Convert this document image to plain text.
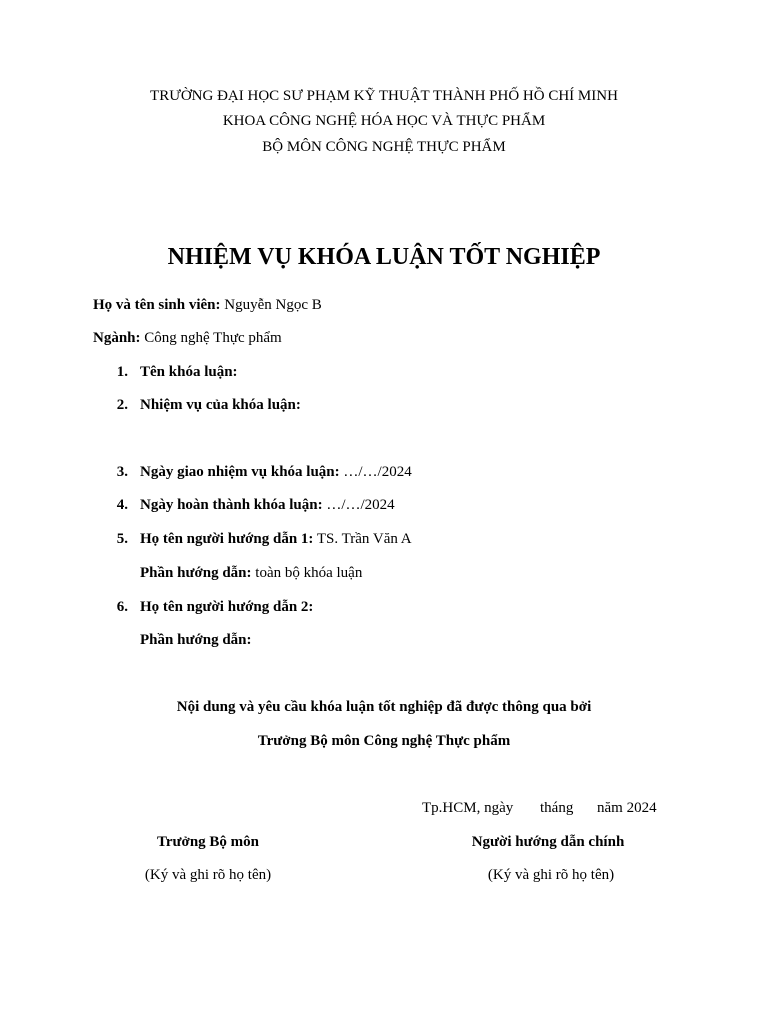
TRƯỜNG ĐẠI HỌC SƯ PHẠM KỸ THUẬT THÀNH PHỐ HỒ CHÍ MINH
KHOA CÔNG NGHỆ HÓA HỌC VÀ THỰC PHẨM
BỘ MÔN CÔNG NGHỆ THỰC PHẨM
NHIỆM VỤ KHÓA LUẬN TỐT NGHIỆP
Họ và tên sinh viên: Nguyễn Ngọc B
Ngành: Công nghệ Thực phẩm
1. Tên khóa luận:
2. Nhiệm vụ của khóa luận:
3. Ngày giao nhiệm vụ khóa luận: …/…/2024
4. Ngày hoàn thành khóa luận: …/…/2024
5. Họ tên người hướng dẫn 1: TS. Trần Văn A
Phần hướng dẫn: toàn bộ khóa luận
6. Họ tên người hướng dẫn 2:
Phần hướng dẫn:
Nội dung và yêu cầu khóa luận tốt nghiệp đã được thông qua bởi
Trưởng Bộ môn Công nghệ Thực phẩm
Tp.HCM, ngày tháng năm 2024
Trưởng Bộ môn
(Ký và ghi rõ họ tên)
Người hướng dẫn chính
(Ký và ghi rõ họ tên)
